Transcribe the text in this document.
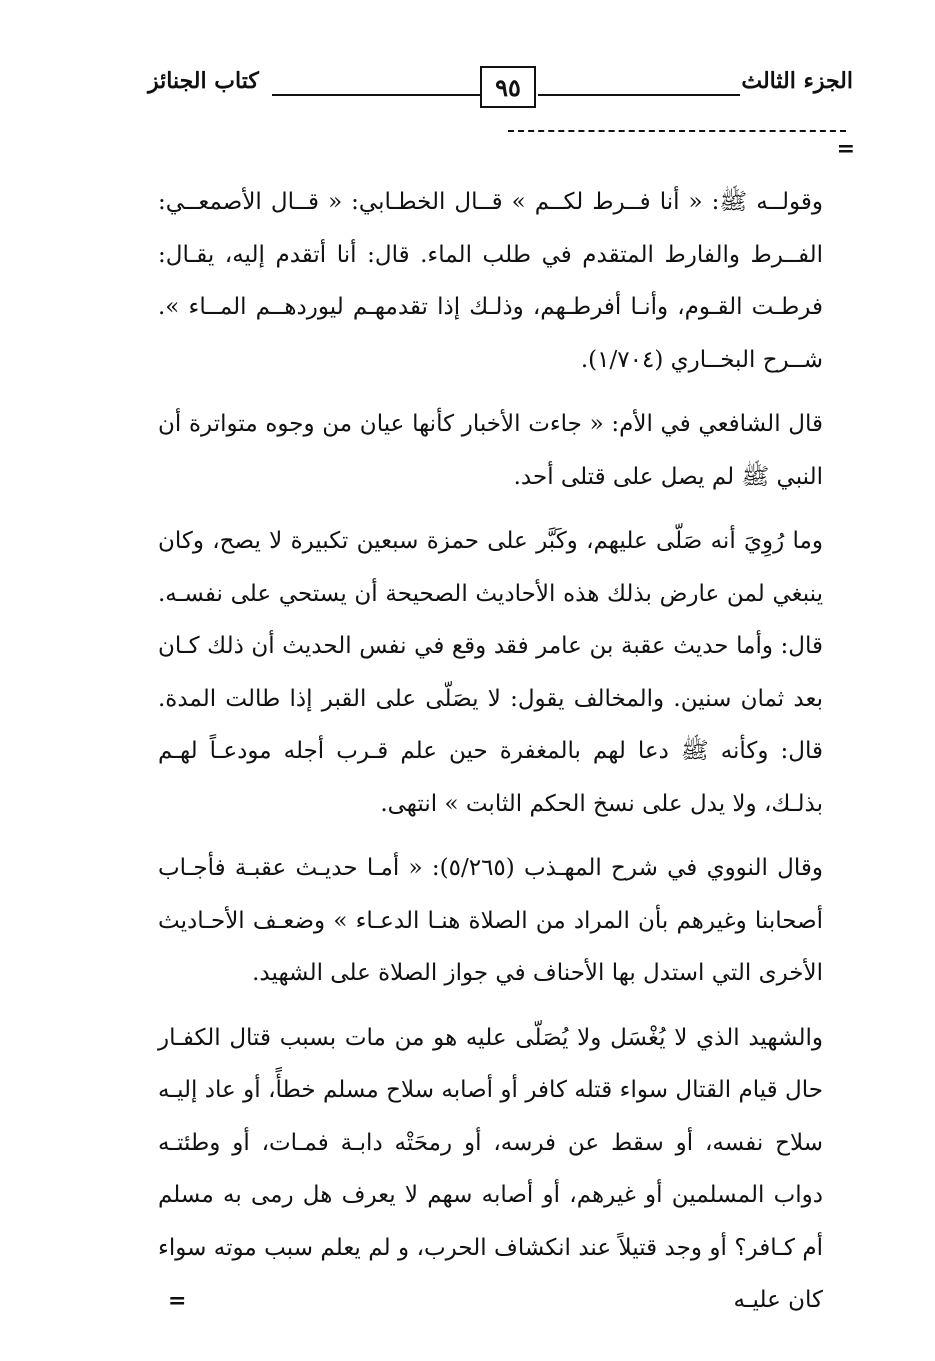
الجزء الثالث
٩٥
كتاب الجنائز
=

وقولــه ﷺ: « أنا فــرط لكــم » قــال الخطـابي: « قــال الأصمعــي: الفــرط والفارط المتقدم في طلب الماء. قال: أنا أتقدم إليه، يقـال: فرطـت القـوم، وأنـا أفرطـهم، وذلـك إذا تقدمهـم ليوردهــم المــاء ». شــرح البخــاري (١/٧٠٤).

قال الشافعي في الأم: « جاءت الأخبار كأنها عيان من وجوه متواترة أن النبي ﷺ لم يصل على قتلى أحد.

وما رُوِيَ أنه صَلّى عليهم، وكَبَّر على حمزة سبعين تكبيرة لا يصح، وكان ينبغي لمن عارض بذلك هذه الأحاديث الصحيحة أن يستحي على نفسـه. قال: وأما حديث عقبة بن عامر فقد وقع في نفس الحديث أن ذلك كـان بعد ثمان سنين. والمخالف يقول: لا يصَلّى على القبر إذا طالت المدة. قال: وكأنه ﷺ دعا لهم بالمغفرة حين علم قـرب أجله مودعـاً لهـم بذلـك، ولا يدل على نسخ الحكم الثابت » انتهى.

وقال النووي في شرح المهـذب (٥/٢٦٥): « أمـا حديـث عقبـة فأجـاب أصحابنا وغيرهم بأن المراد من الصلاة هنـا الدعـاء » وضعـف الأحـاديث الأخرى التي استدل بها الأحناف في جواز الصلاة على الشهيد.

والشهيد الذي لا يُغْسَل ولا يُصَلّى عليه هو من مات بسبب قتال الكفـار حال قيام القتال سواء قتله كافر أو أصابه سلاح مسلم خطأً، أو عاد إليـه سلاح نفسه، أو سقط عن فرسه، أو رمحَتْه دابـة فمـات، أو وطئتـه دواب المسلمين أو غيرهم، أو أصابه سهم لا يعرف هل رمى به مسلم أم كـافر؟ أو وجد قتيلاً عند انكشاف الحرب، و لم يعلم سبب موته سواء كان عليـه

=
